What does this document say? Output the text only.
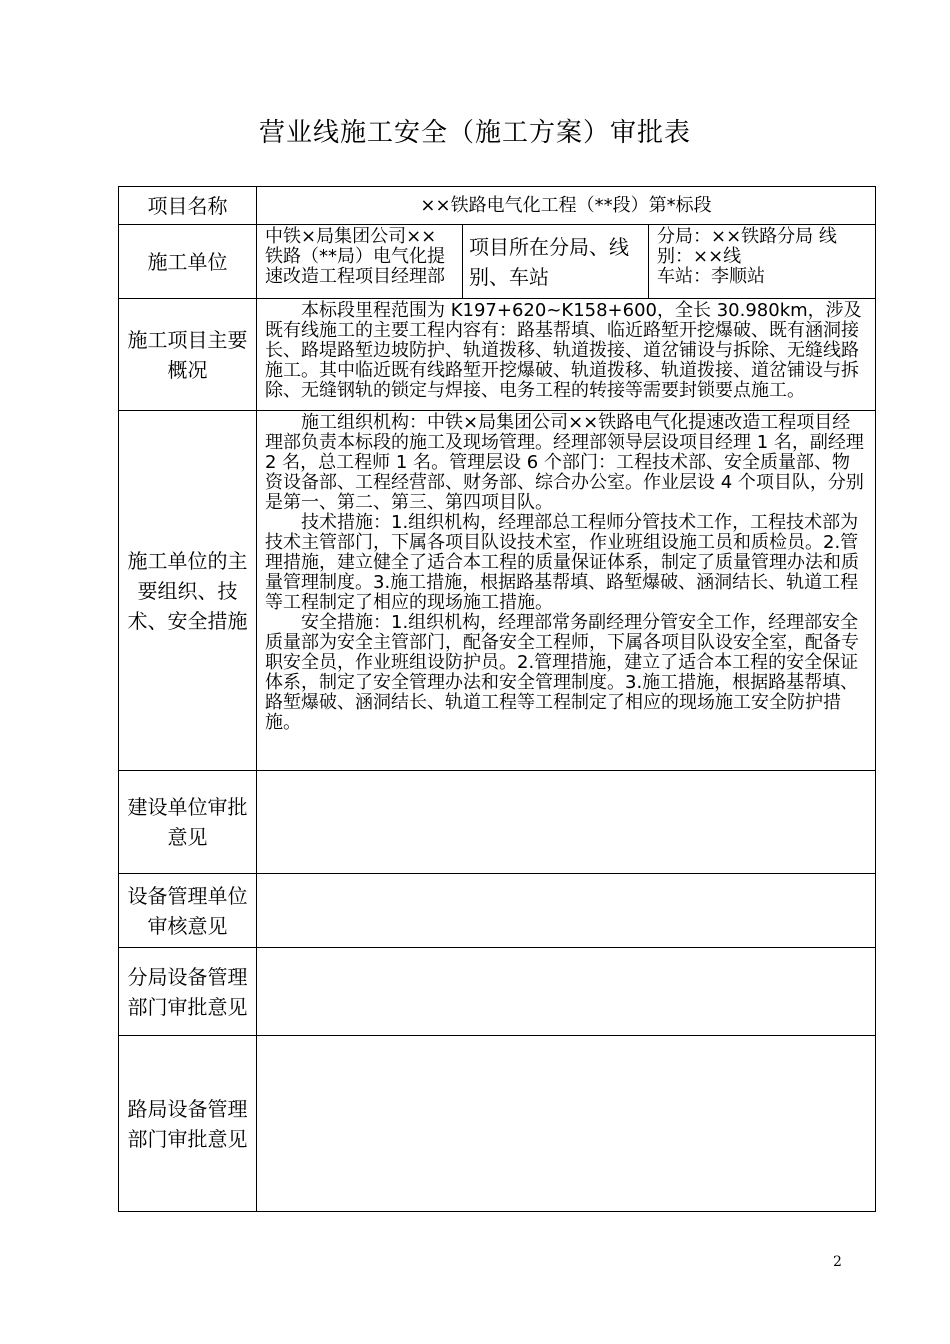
营业线施工安全（施工方案）审批表
项目名称	××铁路电气化工程（**段）第*标段		
施工单位	中铁×局集团公司××铁路（**局）电气化提速改造工程项目经理部	项目所在分局、线别、车站	分局：××铁路分局 线别：××线
车站：李顺站

施工项目主要概况	本标段里程范围为 K197+620~K158+600，全长 30.980km，涉及既有线施工的主要工程内容有：路基帮填、临近路堑开挖爆破、既有涵洞接长、路堤路堑边坡防护、轨道拨移、轨道拨接、道岔铺设与拆除、无缝线路施工。其中临近既有线路堑开挖爆破、轨道拨移、轨道拨接、道岔铺设与拆除、无缝钢轨的锁定与焊接、电务工程的转接等需要封锁要点施工。		

施工单位的主要组织、技术、安全措施	施工组织机构：中铁×局集团公司××铁路电气化提速改造工程项目经理部负责本标段的施工及现场管理。经理部领导层设项目经理 1 名，副经理 2 名，总工程师 1 名。管理层设 6 个部门：工程技术部、安全质量部、物资设备部、工程经营部、财务部、综合办公室。作业层设 4 个项目队，分别是第一、第二、第三、第四项目队。

技术措施：1.组织机构，经理部总工程师分管技术工作，工程技术部为技术主管部门，下属各项目队设技术室，作业班组设施工员和质检员。2.管理措施，建立健全了适合本工程的质量保证体系，制定了质量管理办法和质量管理制度。3.施工措施，根据路基帮填、路堑爆破、涵洞结长、轨道工程等工程制定了相应的现场施工措施。

安全措施：1.组织机构，经理部常务副经理分管安全工作，经理部安全质量部为安全主管部门，配备安全工程师，下属各项目队设安全室，配备专职安全员，作业班组设防护员。2.管理措施，建立了适合本工程的安全保证体系，制定了安全管理办法和安全管理制度。3.施工措施，根据路基帮填、路堑爆破、涵洞结长、轨道工程等工程制定了相应的现场施工安全防护措施。		

建设单位审批意见			
设备管理单位审核意见			
分局设备管理部门审批意见			
路局设备管理部门审批意见			
2
